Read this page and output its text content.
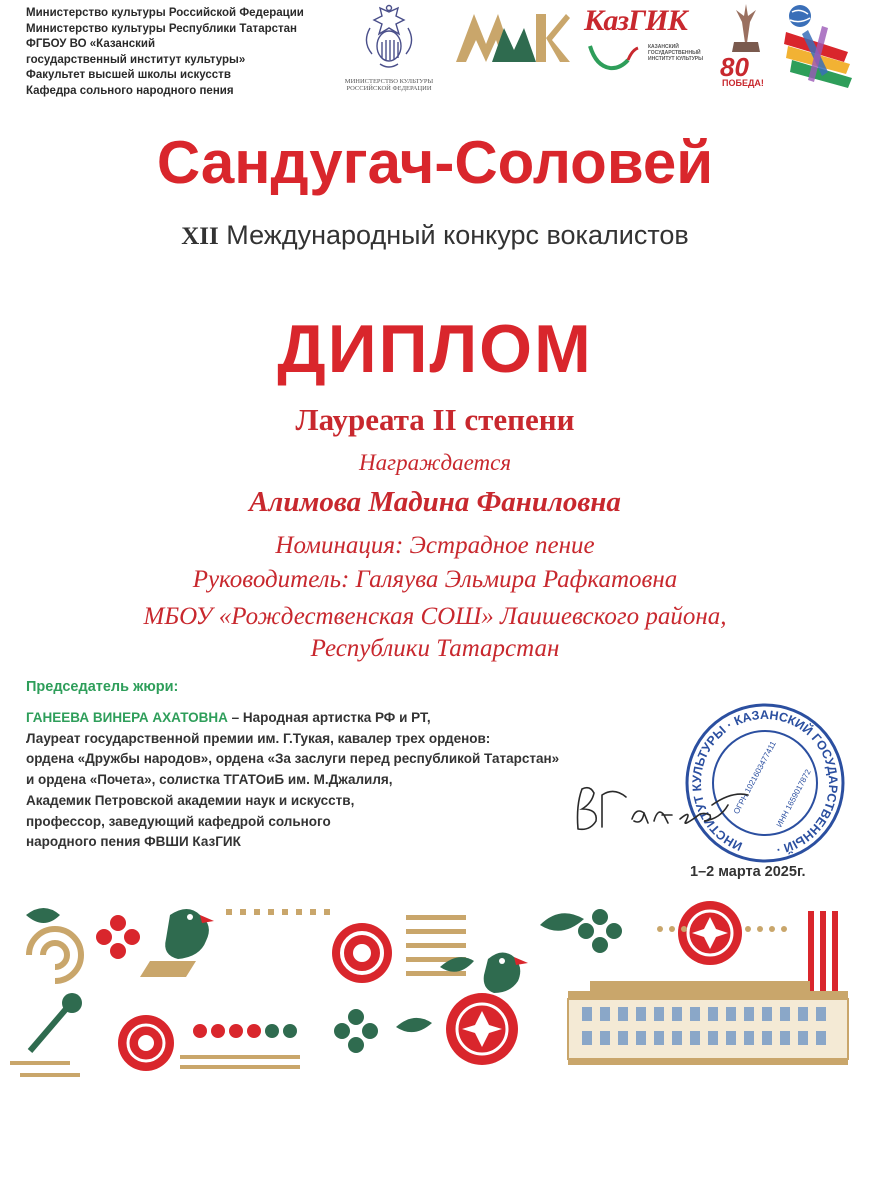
Министерство культуры Российской Федерации
Министерство культуры Республики Татарстан
ФГБОУ ВО «Казанский
государственный институт культуры»
Факультет высшей школы искусств
Кафедра сольного народного пения
МИНИСТЕРСТВО КУЛЬТУРЫ
РОССИЙСКОЙ ФЕДЕРАЦИИ
КазГИК
КАЗАНСКИЙ ГОСУДАРСТВЕННЫЙ ИНСТИТУТ КУЛЬТУРЫ 80
ПОБЕДА!
Сандугач-Соловей
XII Международный конкурс вокалистов
ДИПЛОМ
Лауреата II степени
Награждается
Алимова Мадина Фаниловна
Номинация: Эстрадное пение
Руководитель: Галяува Эльмира Рафкатовна
МБОУ «Рождественская СОШ» Лаишевского района,
Республики Татарстан
Председатель жюри:
ГАНЕЕВА ВИНЕРА АХАТОВНА – Народная артистка РФ и РТ,
Лауреат государственной премии им. Г.Тукая, кавалер трех орденов:
ордена «Дружбы народов», ордена «За заслуги перед республикой Татарстан»
и ордена «Почета», солистка ТГАТОиБ им. М.Джалиля,
Академик Петровской академии наук и искусств,
профессор, заведующий кафедрой сольного
народного пения ФВШИ КазГИК	ИНСТИТУТ КУЛЬТУРЫ · КАЗАНСКИЙ ГОСУДАРСТВЕННЫЙ ·
ОГРН 1021603477411
ИНН 1659017872
1–2 марта 2025г.
